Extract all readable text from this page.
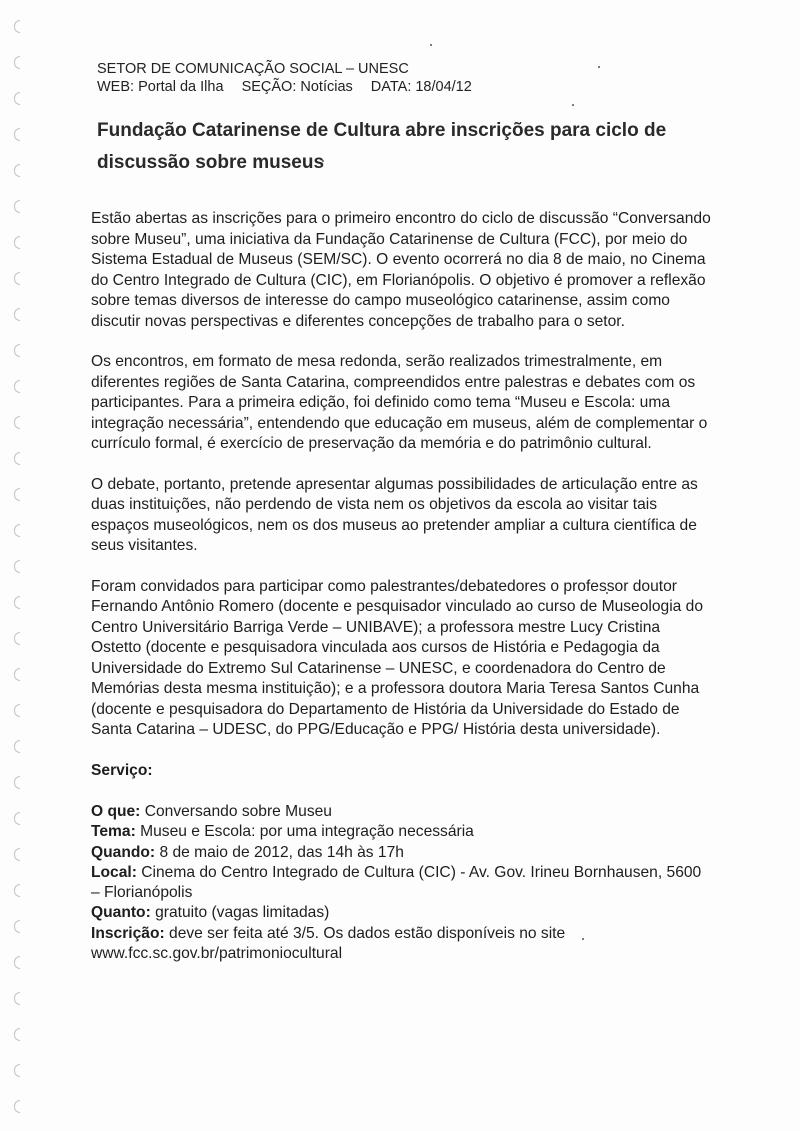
SETOR DE COMUNICAÇÃO SOCIAL – UNESC
WEB: Portal da Ilha SEÇÃO: Notícias DATA: 18/04/12
Fundação Catarinense de Cultura abre inscrições para ciclo de discussão sobre museus

Estão abertas as inscrições para o primeiro encontro do ciclo de discussão “Conversando sobre Museu”, uma iniciativa da Fundação Catarinense de Cultura (FCC), por meio do Sistema Estadual de Museus (SEM/SC). O evento ocorrerá no dia 8 de maio, no Cinema do Centro Integrado de Cultura (CIC), em Florianópolis. O objetivo é promover a reflexão sobre temas diversos de interesse do campo museológico catarinense, assim como discutir novas perspectivas e diferentes concepções de trabalho para o setor.

Os encontros, em formato de mesa redonda, serão realizados trimestralmente, em diferentes regiões de Santa Catarina, compreendidos entre palestras e debates com os participantes. Para a primeira edição, foi definido como tema “Museu e Escola: uma integração necessária”, entendendo que educação em museus, além de complementar o currículo formal, é exercício de preservação da memória e do patrimônio cultural.

O debate, portanto, pretende apresentar algumas possibilidades de articulação entre as duas instituições, não perdendo de vista nem os objetivos da escola ao visitar tais espaços museológicos, nem os dos museus ao pretender ampliar a cultura científica de seus visitantes.

Foram convidados para participar como palestrantes/debatedores o professor doutor Fernando Antônio Romero (docente e pesquisador vinculado ao curso de Museologia do Centro Universitário Barriga Verde – UNIBAVE); a professora mestre Lucy Cristina Ostetto (docente e pesquisadora vinculada aos cursos de História e Pedagogia da Universidade do Extremo Sul Catarinense – UNESC, e coordenadora do Centro de Memórias desta mesma instituição); e a professora doutora Maria Teresa Santos Cunha (docente e pesquisadora do Departamento de História da Universidade do Estado de Santa Catarina – UDESC, do PPG/Educação e PPG/ História desta universidade).

Serviço:
O que: Conversando sobre Museu
Tema: Museu e Escola: por uma integração necessária
Quando: 8 de maio de 2012, das 14h às 17h
Local: Cinema do Centro Integrado de Cultura (CIC) - Av. Gov. Irineu Bornhausen, 5600 – Florianópolis
Quanto: gratuito (vagas limitadas)
Inscrição: deve ser feita até 3/5. Os dados estão disponíveis no site www.fcc.sc.gov.br/patrimoniocultural
